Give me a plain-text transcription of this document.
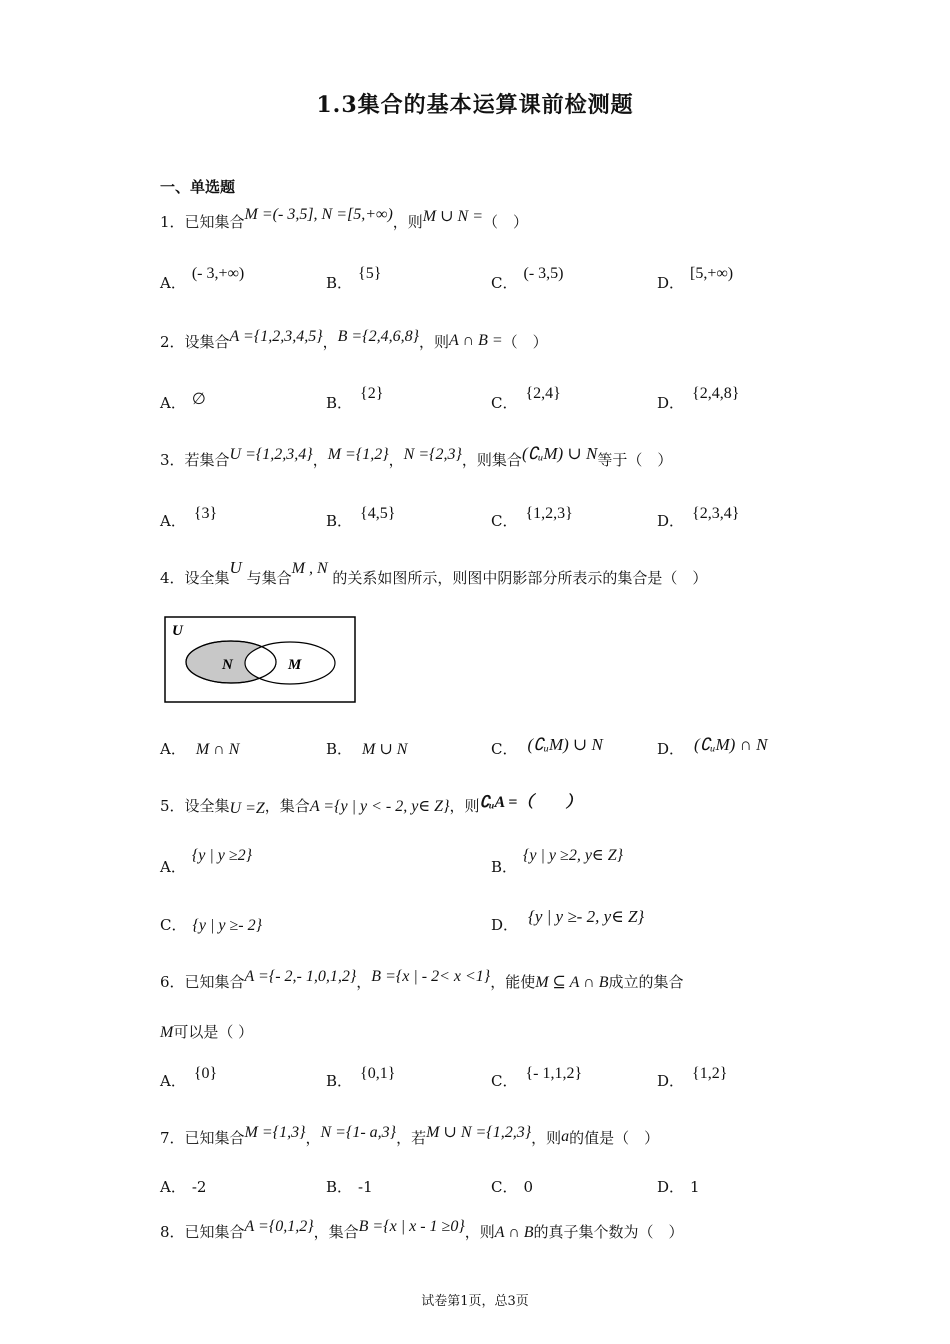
1.3集合的基本运算课前检测题
一、单选题
1．已知集合M =(- 3,5], N =[5,+∞)，则M ∪ N =（　）
A．(- 3,+∞)
B．{5}
C．(- 3,5)
D．[5,+∞)
2．设集合A ={1,2,3,4,5}，B ={2,4,6,8}，则A ∩ B =（　）
A． ∅	B．{2}
C．{2,4}
D．{2,4,8}
3．若集合U ={1,2,3,4}，M ={1,2}，N ={2,3}，则集合(∁ᵤM) ∪ N等于（　）
A． {3}	B． {4,5}	C． {1,2,3}	D． {2,3,4}
4．设全集U 与集合M , N 的关系如图所示，则图中阴影部分所表示的集合是（　）
U
N	M
A． M ∩ N	B． M ∪ N	C． (∁ᵤM) ∪ N	D． (∁ᵤM) ∩ N
5．设全集U =Z，集合A ={y | y < - 2, y∈ Z}，则∁ᵤA =（　　）
A．{y | y ≥2}
B．{y | y ≥2, y∈ Z}
C． {y | y ≥- 2}	D． {y | y ≥- 2, y∈ Z}
6．已知集合A ={- 2,- 1,0,1,2}，B ={x | - 2< x <1}，能使M ⊆ A ∩ B成立的集合
M可以是（ ）
A． {0}	B． {0,1}	C． {- 1,1,2}	D． {1,2}
7．已知集合M ={1,3}，N ={1- a,3}，若M ∪ N ={1,2,3}，则a的值是（　）
A． -2	B． -1	C． 0	D． 1
8．已知集合A ={0,1,2}，集合B ={x | x - 1 ≥0}，则A ∩ B的真子集个数为（　）
试卷第1页，总3页
